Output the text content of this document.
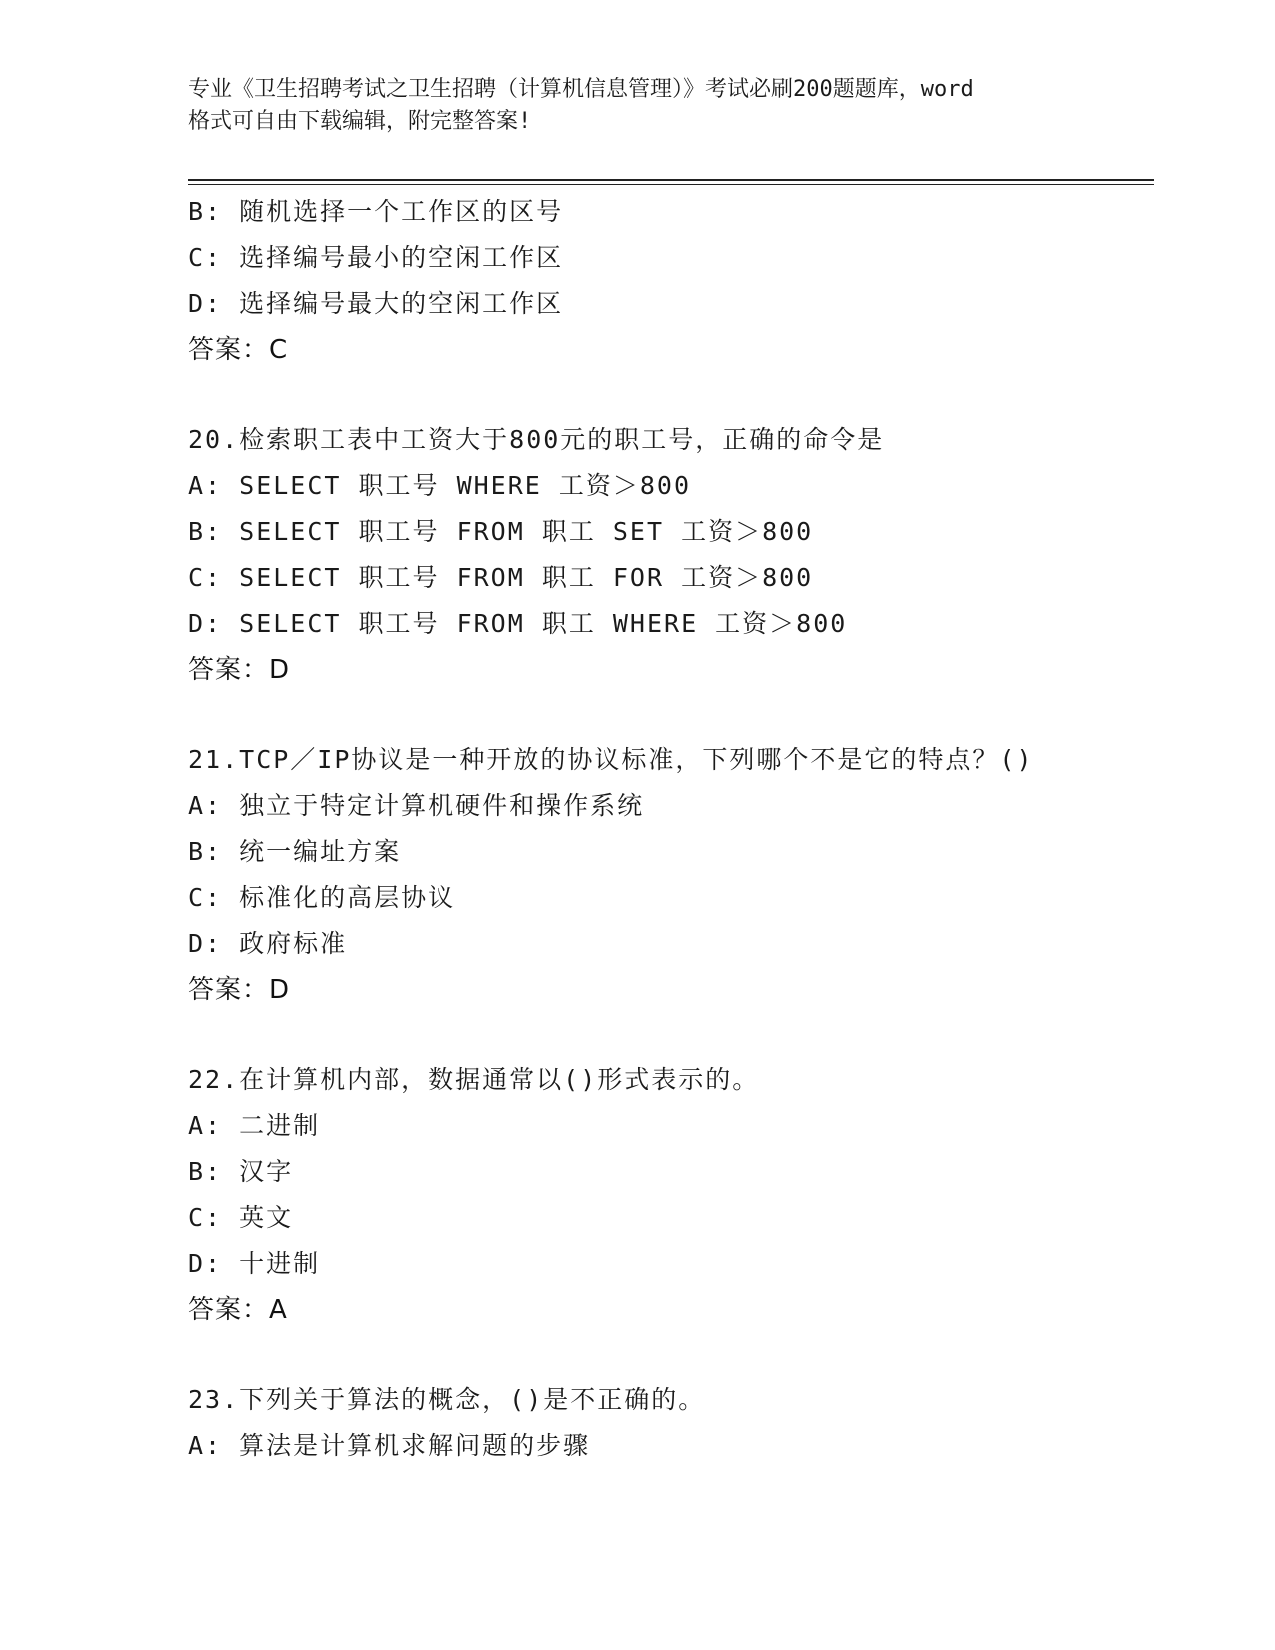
专业《卫生招聘考试之卫生招聘（计算机信息管理）》考试必刷200题题库，word
格式可自由下载编辑，附完整答案!
B: 随机选择一个工作区的区号
C: 选择编号最小的空闲工作区
D: 选择编号最大的空闲工作区
答案：C
20.检索职工表中工资大于800元的职工号，正确的命令是
A: SELECT 职工号 WHERE 工资＞800
B: SELECT 职工号 FROM 职工 SET 工资＞800
C: SELECT 职工号 FROM 职工 FOR 工资＞800
D: SELECT 职工号 FROM 职工 WHERE 工资＞800
答案：D
21.TCP／IP协议是一种开放的协议标准，下列哪个不是它的特点？()
A: 独立于特定计算机硬件和操作系统
B: 统一编址方案
C: 标准化的高层协议
D: 政府标准
答案：D
22.在计算机内部，数据通常以()形式表示的。
A: 二进制
B: 汉字
C: 英文
D: 十进制
答案：A
23.下列关于算法的概念，()是不正确的。
A: 算法是计算机求解问题的步骤
